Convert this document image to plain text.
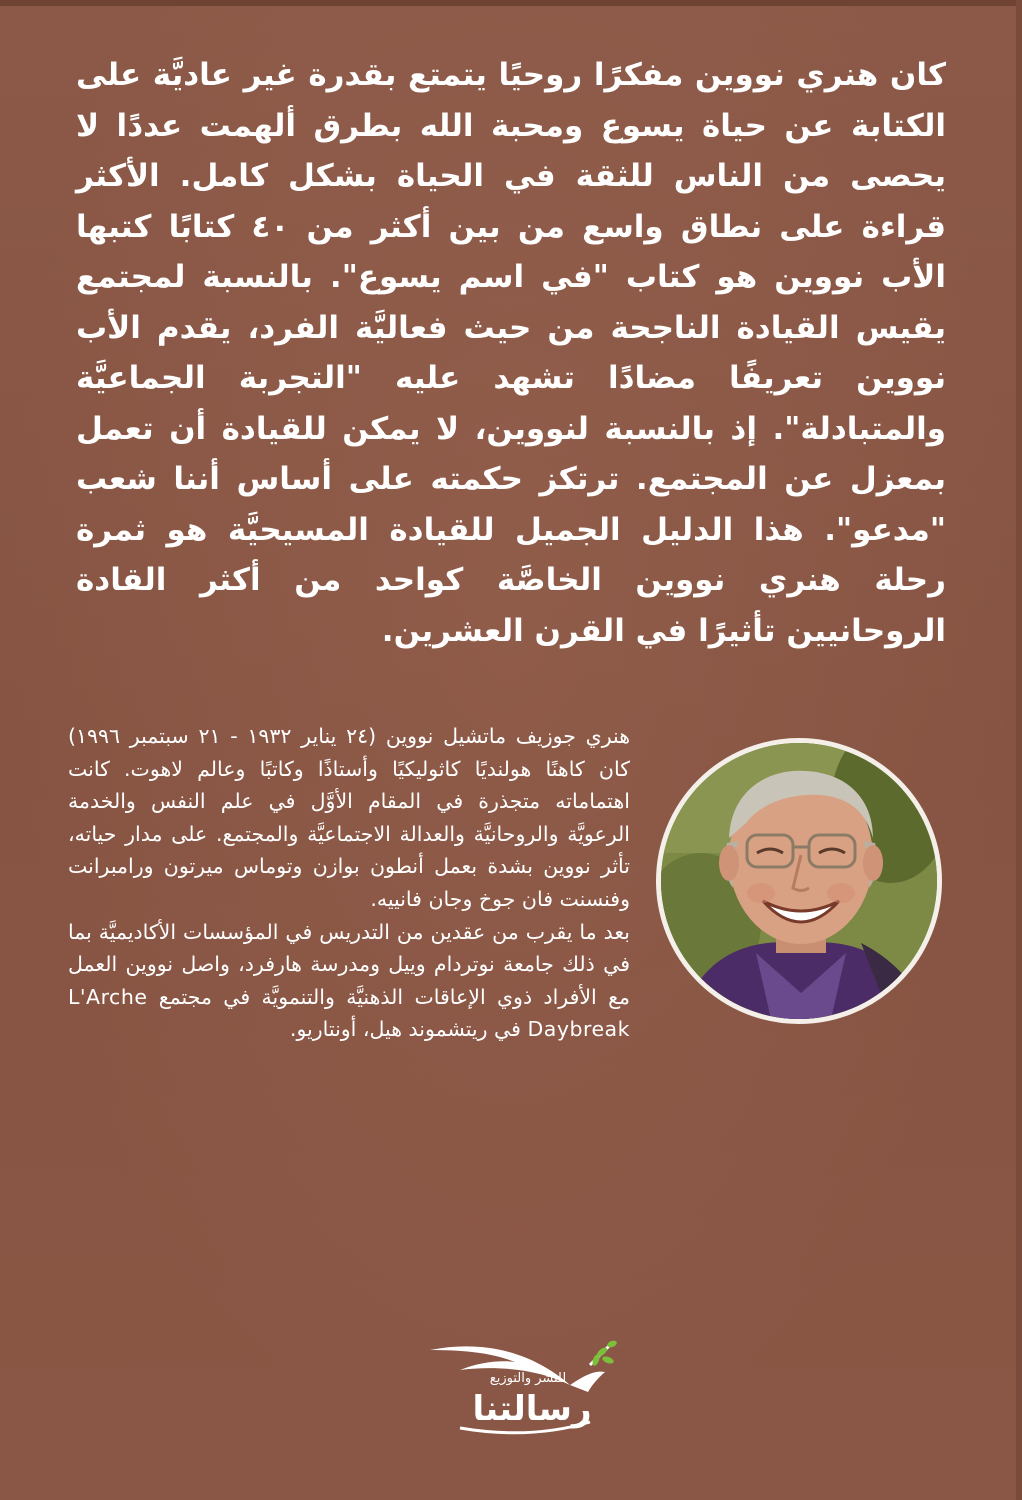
كان هنري نووين مفكرًا روحيًا يتمتع بقدرة غير عاديَّة على الكتابة عن حياة يسوع ومحبة الله بطرق ألهمت عددًا لا يحصى من الناس للثقة في الحياة بشكل كامل. الأكثر قراءة على نطاق واسع من بين أكثر من ٤٠ كتابًا كتبها الأب نووين هو كتاب "في اسم يسوع". بالنسبة لمجتمع يقيس القيادة الناجحة من حيث فعاليَّة الفرد، يقدم الأب نووين تعريفًا مضادًا تشهد عليه "التجربة الجماعيَّة والمتبادلة". إذ بالنسبة لنووين، لا يمكن للقيادة أن تعمل بمعزل عن المجتمع. ترتكز حكمته على أساس أننا شعب "مدعو". هذا الدليل الجميل للقيادة المسيحيَّة هو ثمرة رحلة هنري نووين الخاصَّة كواحد من أكثر القادة الروحانيين تأثيرًا في القرن العشرين.

هنري جوزيف ماتشيل نووين (٢٤ يناير ١٩٣٢ - ٢١ سبتمبر ١٩٩٦) كان كاهنًا هولنديًا كاثوليكيًا وأستاذًا وكاتبًا وعالم لاهوت. كانت اهتماماته متجذرة في المقام الأوَّل في علم النفس والخدمة الرعويَّة والروحانيَّة والعدالة الاجتماعيَّة والمجتمع. على مدار حياته، تأثر نووين بشدة بعمل أنطون بوازن وتوماس ميرتون ورامبرانت وفنسنت فان جوخ وجان فانييه.

بعد ما يقرب من عقدين من التدريس في المؤسسات الأكاديميَّة بما في ذلك جامعة نوتردام وييل ومدرسة هارفرد، واصل نووين العمل مع الأفراد ذوي الإعاقات الذهنيَّة والتنمويَّة في مجتمع L'Arche Daybreak في ريتشموند هيل، أونتاريو.

رسالتنا
للنشر والتوزيع
